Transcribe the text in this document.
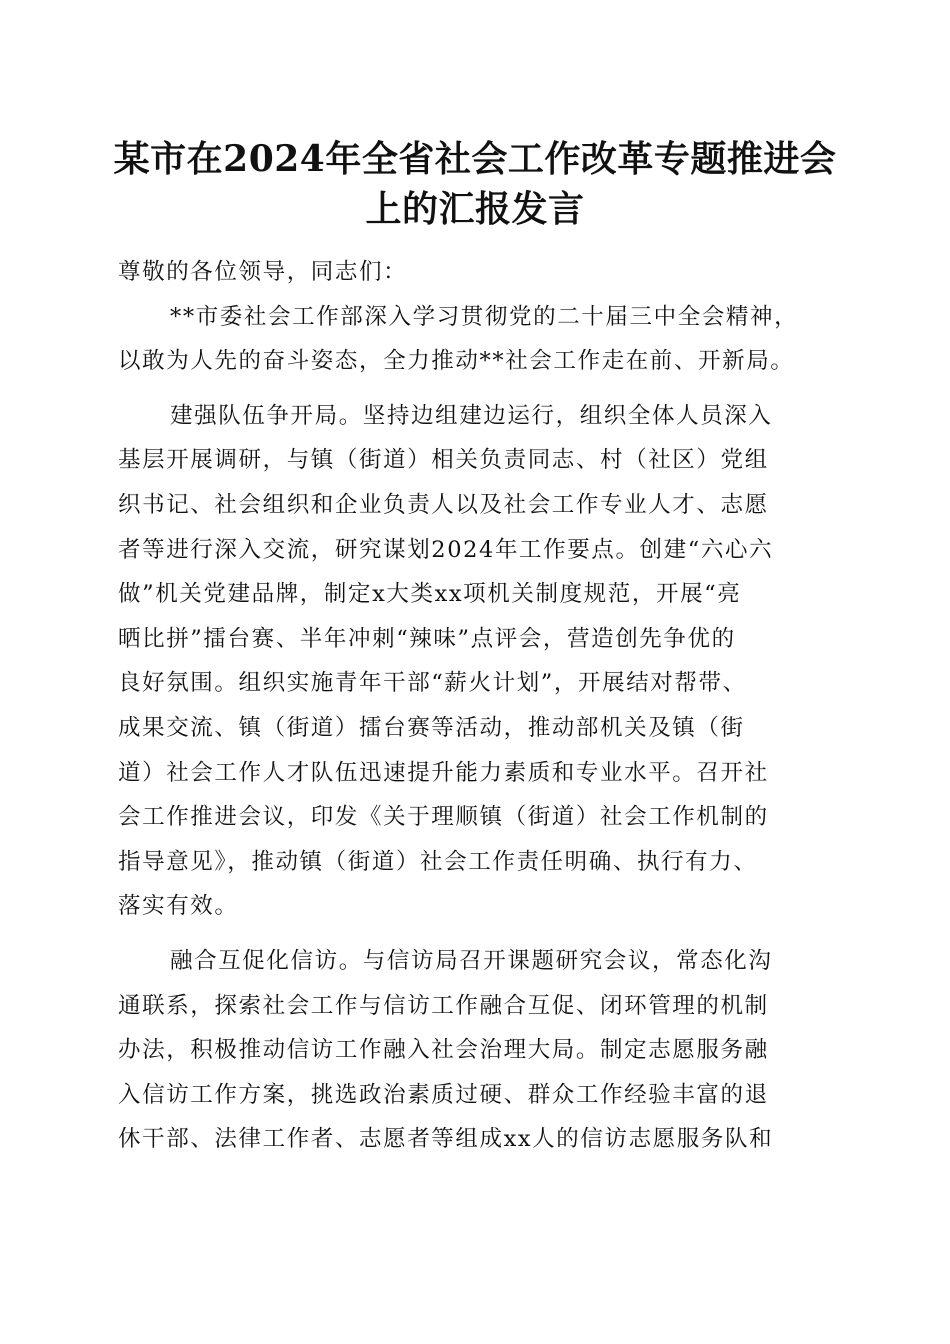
某市在2024年全省社会工作改革专题推进会
上的汇报发言
尊敬的各位领导，同志们：
**市委社会工作部深入学习贯彻党的二十届三中全会精神，
以敢为人先的奋斗姿态，全力推动**社会工作走在前、开新局。
建强队伍争开局。坚持边组建边运行，组织全体人员深入
基层开展调研，与镇（街道）相关负责同志、村（社区）党组
织书记、社会组织和企业负责人以及社会工作专业人才、志愿
者等进行深入交流，研究谋划2024年工作要点。创建“六心六
做”机关党建品牌，制定x大类xx项机关制度规范，开展“亮
晒比拼”擂台赛、半年冲刺“辣味”点评会，营造创先争优的
良好氛围。组织实施青年干部“薪火计划”，开展结对帮带、
成果交流、镇（街道）擂台赛等活动，推动部机关及镇（街
道）社会工作人才队伍迅速提升能力素质和专业水平。召开社
会工作推进会议，印发《关于理顺镇（街道）社会工作机制的
指导意见》，推动镇（街道）社会工作责任明确、执行有力、
落实有效。
融合互促化信访。与信访局召开课题研究会议，常态化沟
通联系，探索社会工作与信访工作融合互促、闭环管理的机制
办法，积极推动信访工作融入社会治理大局。制定志愿服务融
入信访工作方案，挑选政治素质过硬、群众工作经验丰富的退
休干部、法律工作者、志愿者等组成xx人的信访志愿服务队和
